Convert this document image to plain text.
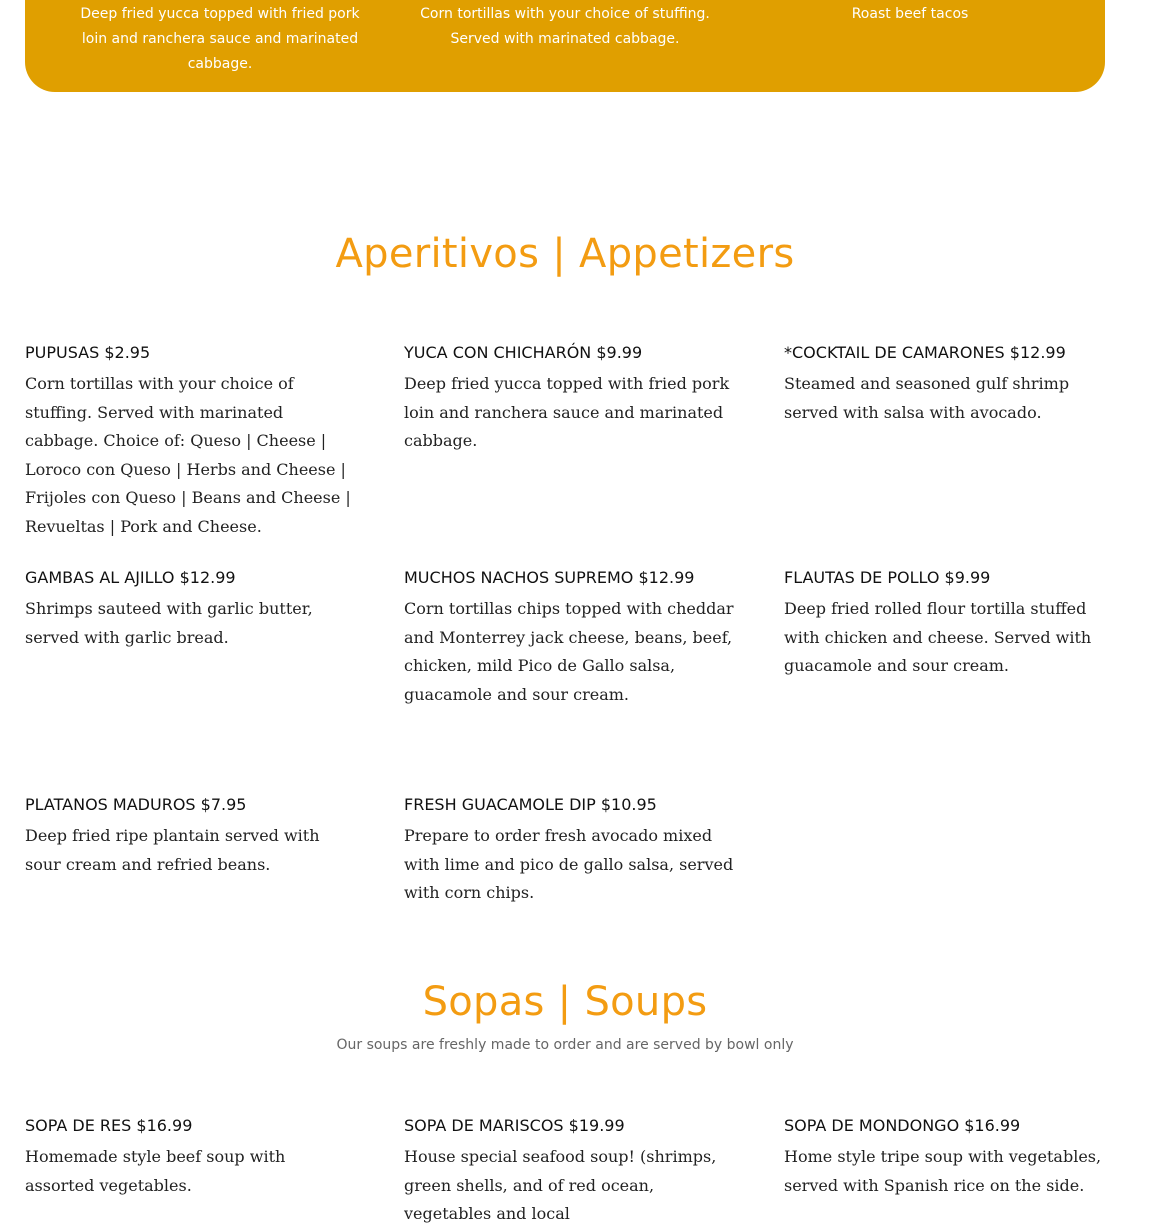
Deep fried yucca topped with fried pork loin and ranchera sauce and marinated cabbage.
Corn tortillas with your choice of stuffing. Served with marinated cabbage.
Roast beef tacos
Aperitivos | Appetizers

PUPUSAS $2.95

Corn tortillas with your choice of stuffing. Served with marinated cabbage. Choice of: Queso | Cheese | Loroco con Queso | Herbs and Cheese | Frijoles con Queso | Beans and Cheese | Revueltas | Pork and Cheese.

YUCA CON CHICHARÓN $9.99

Deep fried yucca topped with fried pork loin and ranchera sauce and marinated cabbage.

*COCKTAIL DE CAMARONES $12.99

Steamed and seasoned gulf shrimp served with salsa with avocado.

GAMBAS AL AJILLO $12.99

Shrimps sauteed with garlic butter, served with garlic bread.

MUCHOS NACHOS SUPREMO $12.99

Corn tortillas chips topped with cheddar and Monterrey jack cheese, beans, beef, chicken, mild Pico de Gallo salsa, guacamole and sour cream.

FLAUTAS DE POLLO $9.99

Deep fried rolled flour tortilla stuffed with chicken and cheese. Served with guacamole and sour cream.

PLATANOS MADUROS $7.95

Deep fried ripe plantain served with sour cream and refried beans.

FRESH GUACAMOLE DIP $10.95

Prepare to order fresh avocado mixed with lime and pico de gallo salsa, served with corn chips.

Sopas | Soups
Our soups are freshly made to order and are served by bowl only

SOPA DE RES $16.99

Homemade style beef soup with assorted vegetables.

SOPA DE MARISCOS $19.99

House special seafood soup! (shrimps, green shells, and of red ocean, vegetables and local

SOPA DE MONDONGO $16.99

Home style tripe soup with vegetables, served with Spanish rice on the side.
